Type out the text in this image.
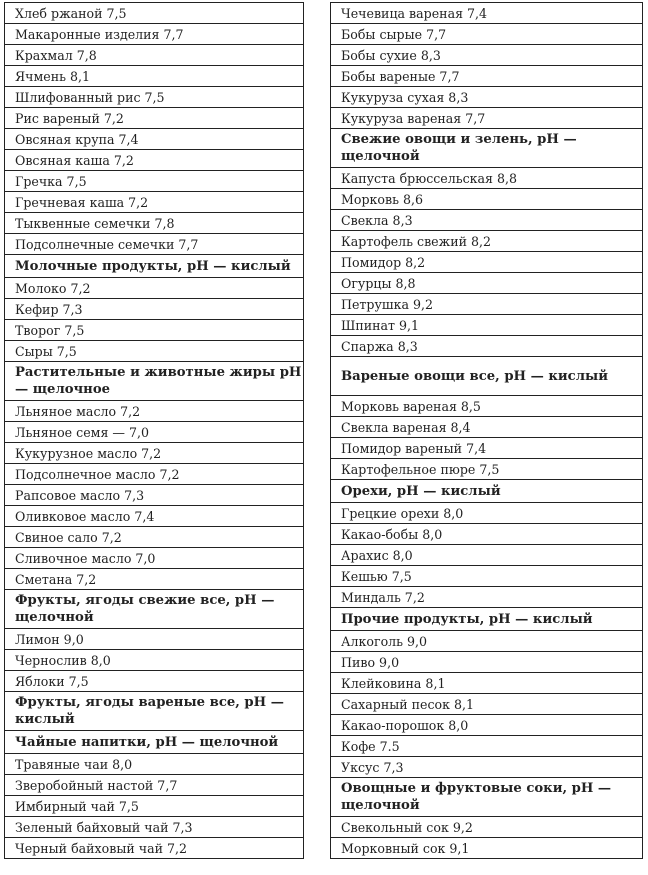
Хлеб ржаной 7,5
Макаронные изделия 7,7
Крахмал 7,8
Ячмень 8,1
Шлифованный рис 7,5
Рис вареный 7,2
Овсяная крупа 7,4
Овсяная каша 7,2
Гречка 7,5
Гречневая каша 7,2
Тыквенные семечки 7,8
Подсолнечные семечки 7,7
Молочные продукты, рН — кислый
Молоко 7,2
Кефир 7,3
Творог 7,5
Сыры 7,5
Растительные и животные жиры рН — щелочное
Льняное масло 7,2
Льняное семя — 7,0
Кукурузное масло 7,2
Подсолнечное масло 7,2
Рапсовое масло 7,3
Оливковое масло 7,4
Свиное сало 7,2
Сливочное масло 7,0
Сметана 7,2
Фрукты, ягоды свежие все, рН — щелочной
Лимон 9,0
Чернослив 8,0
Яблоки 7,5
Фрукты, ягоды вареные все, рН — кислый
Чайные напитки, рН — щелочной
Травяные чаи 8,0
Зверобойный настой 7,7
Имбирный чай 7,5
Зеленый байховый чай 7,3
Черный байховый чай 7,2
Чечевица вареная 7,4
Бобы сырые 7,7
Бобы сухие 8,3
Бобы вареные 7,7
Кукуруза сухая 8,3
Кукуруза вареная 7,7
Свежие овощи и зелень, рН — щелочной
Капуста брюссельская 8,8
Морковь 8,6
Свекла 8,3
Картофель свежий 8,2
Помидор 8,2
Огурцы 8,8
Петрушка 9,2
Шпинат 9,1
Спаржа 8,3
Вареные овощи все, рН — кислый
Морковь вареная 8,5
Свекла вареная 8,4
Помидор вареный 7,4
Картофельное пюре 7,5
Орехи, рН — кислый
Грецкие орехи 8,0
Какао-бобы 8,0
Арахис 8,0
Кешью 7,5
Миндаль 7,2
Прочие продукты, рН — кислый
Алкоголь 9,0
Пиво 9,0
Клейковина 8,1
Сахарный песок 8,1
Какао-порошок 8,0
Кофе 7.5
Уксус 7,3
Овощные и фруктовые соки, рН — щелочной
Свекольный сок 9,2
Морковный сок 9,1
